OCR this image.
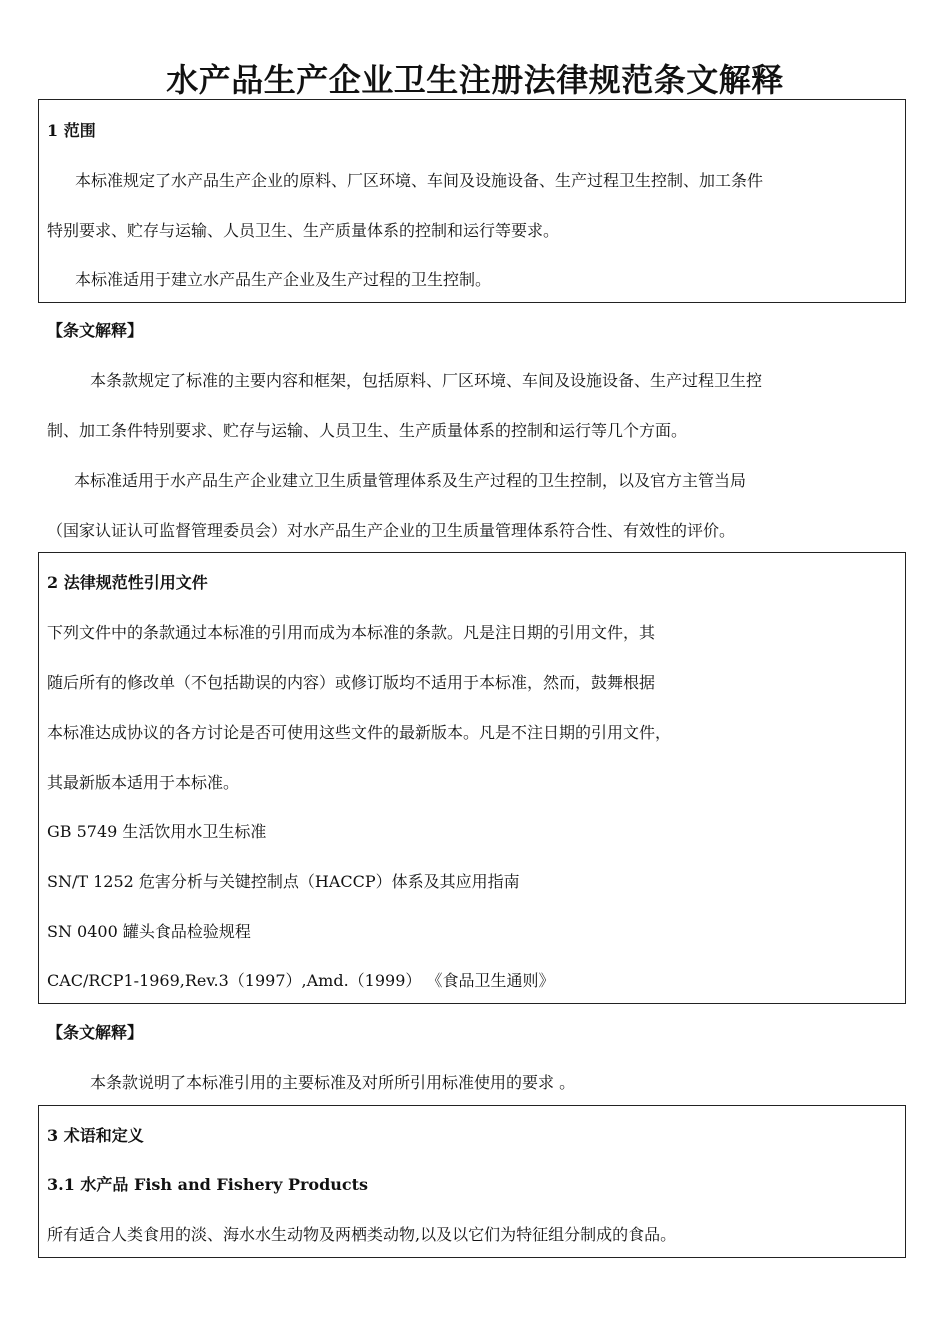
水产品生产企业卫生注册法律规范条文解释
1 范围
本标准规定了水产品生产企业的原料、厂区环境、车间及设施设备、生产过程卫生控制、加工条件
特别要求、贮存与运输、人员卫生、生产质量体系的控制和运行等要求。
本标准适用于建立水产品生产企业及生产过程的卫生控制。
【条文解释】
本条款规定了标准的主要内容和框架，包括原料、厂区环境、车间及设施设备、生产过程卫生控
制、加工条件特别要求、贮存与运输、人员卫生、生产质量体系的控制和运行等几个方面。
本标准适用于水产品生产企业建立卫生质量管理体系及生产过程的卫生控制，以及官方主管当局
（国家认证认可监督管理委员会）对水产品生产企业的卫生质量管理体系符合性、有效性的评价。
2 法律规范性引用文件
下列文件中的条款通过本标准的引用而成为本标准的条款。凡是注日期的引用文件，其
随后所有的修改单（不包括勘误的内容）或修订版均不适用于本标准，然而，鼓舞根据
本标准达成协议的各方讨论是否可使用这些文件的最新版本。凡是不注日期的引用文件，
其最新版本适用于本标准。
GB 5749 生活饮用水卫生标准
SN/T 1252 危害分析与关键控制点（HACCP）体系及其应用指南
SN 0400 罐头食品检验规程
CAC/RCP1-1969,Rev.3（1997）,Amd.（1999） 《食品卫生通则》
【条文解释】
本条款说明了本标准引用的主要标准及对所所引用标准使用的要求 。
3 术语和定义
3.1 水产品 Fish and Fishery Products
所有适合人类食用的淡、海水水生动物及两栖类动物,以及以它们为特征组分制成的食品。
